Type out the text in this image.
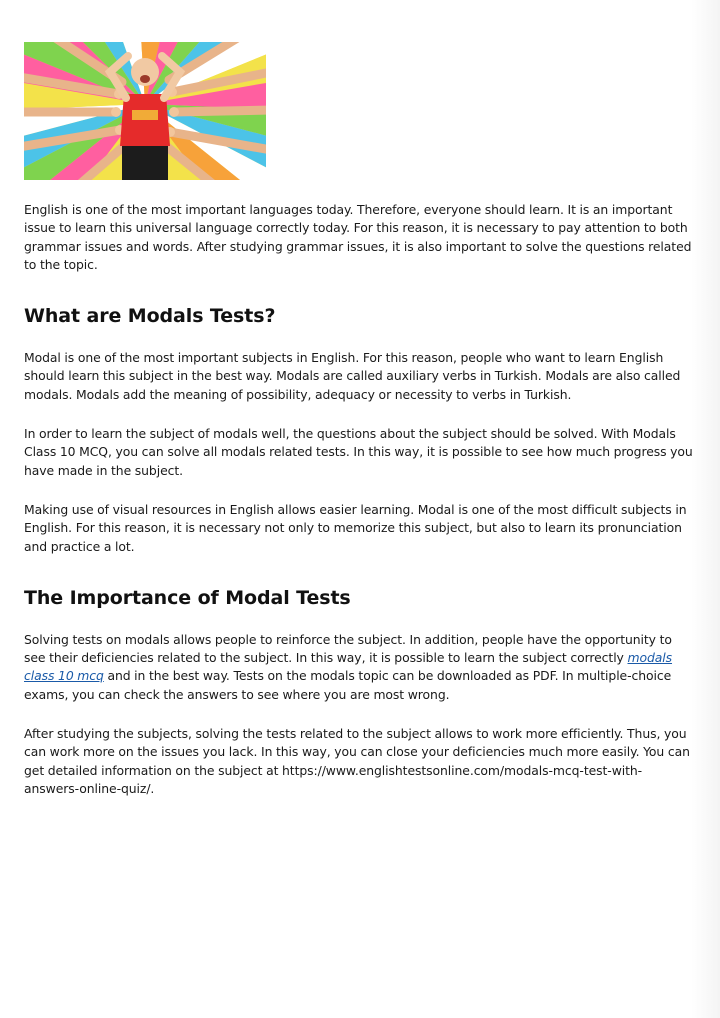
English is one of the most important languages today. Therefore, everyone should learn. It is an important issue to learn this universal language correctly today. For this reason, it is necessary to pay attention to both grammar issues and words. After studying grammar issues, it is also important to solve the questions related to the topic.

What are Modals Tests?

Modal is one of the most important subjects in English. For this reason, people who want to learn English should learn this subject in the best way. Modals are called auxiliary verbs in Turkish. Modals are also called modals. Modals add the meaning of possibility, adequacy or necessity to verbs in Turkish.

In order to learn the subject of modals well, the questions about the subject should be solved. With Modals Class 10 MCQ, you can solve all modals related tests. In this way, it is possible to see how much progress you have made in the subject.

Making use of visual resources in English allows easier learning. Modal is one of the most difficult subjects in English. For this reason, it is necessary not only to memorize this subject, but also to learn its pronunciation and practice a lot.

The Importance of Modal Tests

Solving tests on modals allows people to reinforce the subject. In addition, people have the opportunity to see their deficiencies related to the subject. In this way, it is possible to learn the subject correctly modals class 10 mcq and in the best way. Tests on the modals topic can be downloaded as PDF. In multiple-choice exams, you can check the answers to see where you are most wrong.

After studying the subjects, solving the tests related to the subject allows to work more efficiently. Thus, you can work more on the issues you lack. In this way, you can close your deficiencies much more easily. You can get detailed information on the subject at https://www.englishtestsonline.com/modals-mcq-test-with-answers-online-quiz/.
